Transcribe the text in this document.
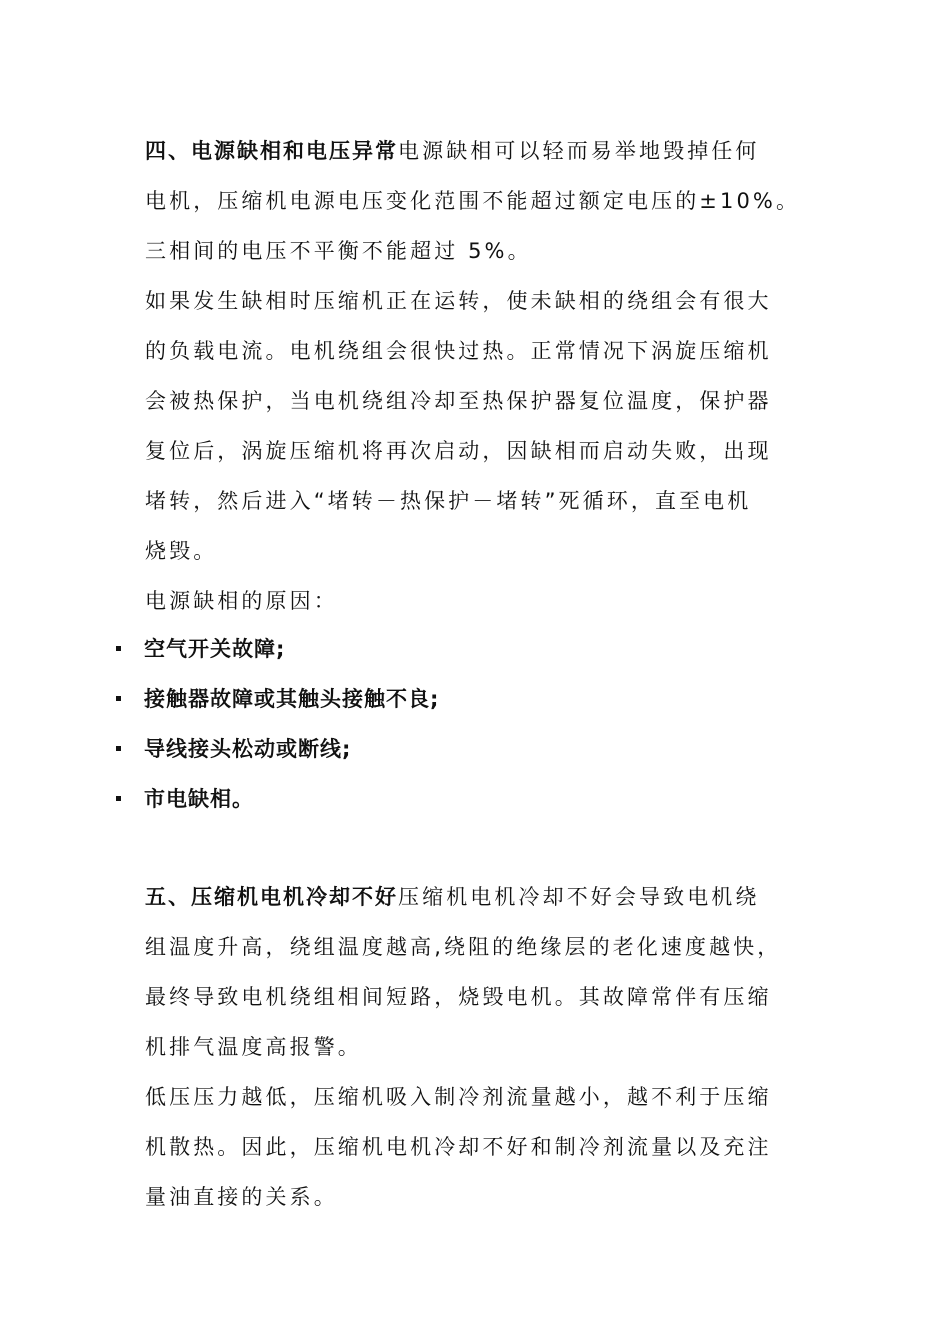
四、电源缺相和电压异常电源缺相可以轻而易举地毁掉任何
电机，压缩机电源电压变化范围不能超过额定电压的±10%。
三相间的电压不平衡不能超过 5%。

如果发生缺相时压缩机正在运转，使未缺相的绕组会有很大
的负载电流。电机绕组会很快过热。正常情况下涡旋压缩机
会被热保护，当电机绕组冷却至热保护器复位温度，保护器
复位后，涡旋压缩机将再次启动，因缺相而启动失败，出现
堵转，然后进入“堵转－热保护－堵转”死循环，直至电机
烧毁。

电源缺相的原因：

空气开关故障;
接触器故障或其触头接触不良;
导线接头松动或断线;
市电缺相。

五、压缩机电机冷却不好压缩机电机冷却不好会导致电机绕
组温度升高，绕组温度越高,绕阻的绝缘层的老化速度越快，
最终导致电机绕组相间短路，烧毁电机。其故障常伴有压缩
机排气温度高报警。

低压压力越低，压缩机吸入制冷剂流量越小，越不利于压缩
机散热。因此，压缩机电机冷却不好和制冷剂流量以及充注
量油直接的关系。
